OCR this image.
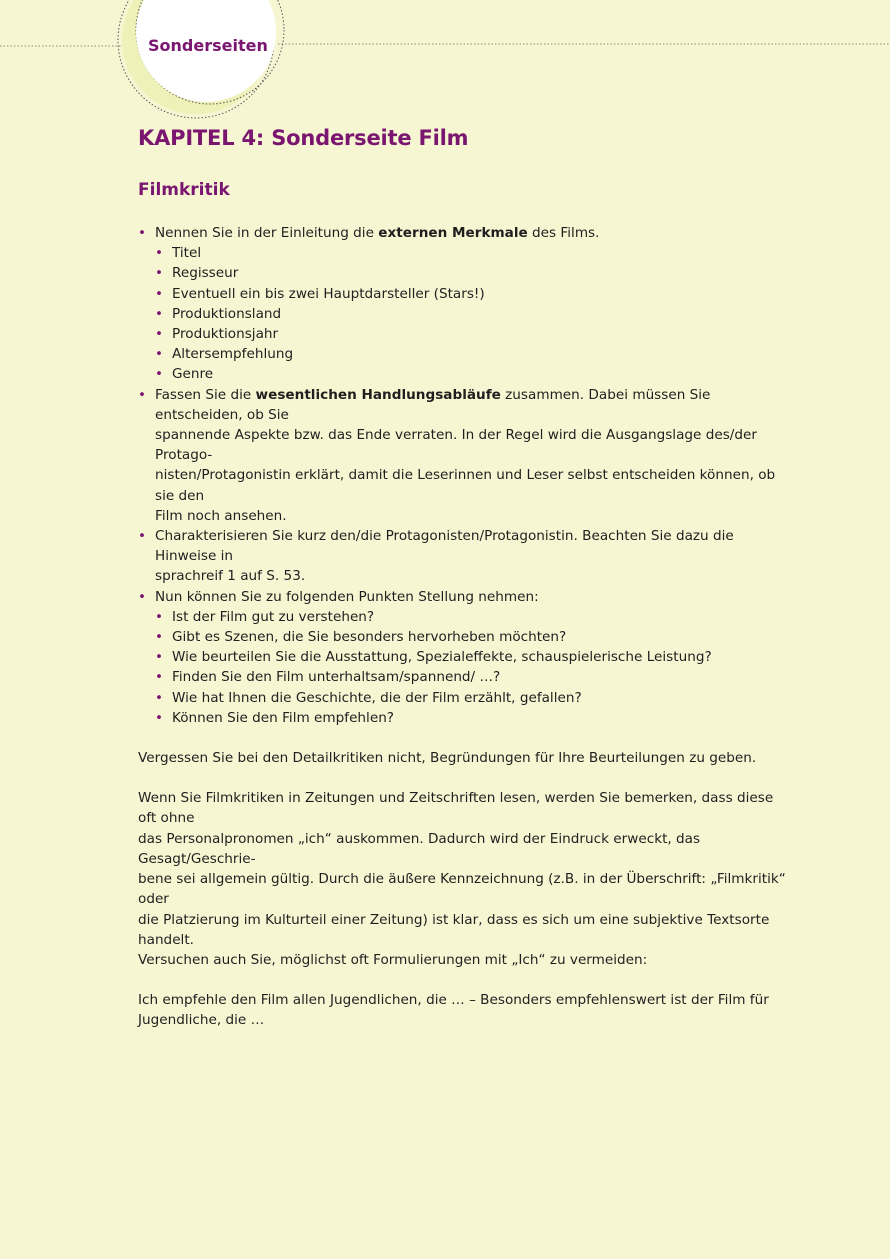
Sonderseiten
KAPITEL 4: Sonderseite Film
Filmkritik
• Nennen Sie in der Einleitung die externen Merkmale des Films.
• Titel
• Regisseur
• Eventuell ein bis zwei Hauptdarsteller (Stars!)
• Produktionsland
• Produktionsjahr
• Altersempfehlung
• Genre
• Fassen Sie die wesentlichen Handlungsabläufe zusammen. Dabei müssen Sie entscheiden, ob Sie
spannende Aspekte bzw. das Ende verraten. In der Regel wird die Ausgangslage des/der Protago-
nisten/Protagonistin erklärt, damit die Leserinnen und Leser selbst entscheiden können, ob sie den
Film noch ansehen.
• Charakterisieren Sie kurz den/die Protagonisten/Protagonistin. Beachten Sie dazu die Hinweise in
sprachreif 1 auf S. 53.
• Nun können Sie zu folgenden Punkten Stellung nehmen:
• Ist der Film gut zu verstehen?
• Gibt es Szenen, die Sie besonders hervorheben möchten?
• Wie beurteilen Sie die Ausstattung, Spezialeffekte, schauspielerische Leistung?
• Finden Sie den Film unterhaltsam/spannend/ …?
• Wie hat Ihnen die Geschichte, die der Film erzählt, gefallen?
• Können Sie den Film empfehlen?

Vergessen Sie bei den Detailkritiken nicht, Begründungen für Ihre Beurteilungen zu geben.

Wenn Sie Filmkritiken in Zeitungen und Zeitschriften lesen, werden Sie bemerken, dass diese oft ohne
das Personalpronomen „ich“ auskommen. Dadurch wird der Eindruck erweckt, das Gesagt/Geschrie-
bene sei allgemein gültig. Durch die äußere Kennzeichnung (z.B. in der Überschrift: „Filmkritik“ oder
die Platzierung im Kulturteil einer Zeitung) ist klar, dass es sich um eine subjektive Textsorte handelt.
Versuchen auch Sie, möglichst oft Formulierungen mit „Ich“ zu vermeiden:

Ich empfehle den Film allen Jugendlichen, die … – Besonders empfehlenswert ist der Film für
Jugendliche, die …
